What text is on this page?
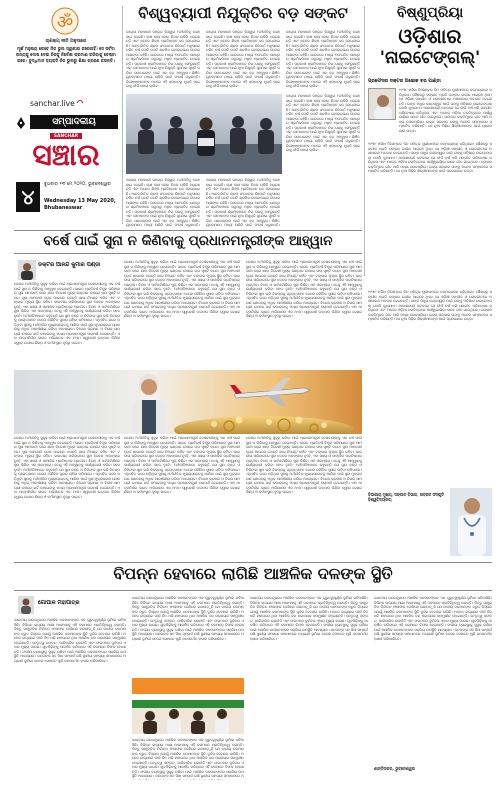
ॐ
ଚାଣକ୍ୟ ନୀତି ଅନୁସାରେ
ମୂର୍ଖ ମନୁଷ୍ୟ କେବେ ନିଜ ଭୁଲ ସ୍ୱୀକାର କରେନାହିଁ। ସେ ସର୍ବଦା ଅନ୍ୟକୁ ଦୋଷ ଦେଇ ନିଜକୁ ନିର୍ଦ୍ଦୋଷ ପ୍ରମାଣ କରିବାକୁ ଚେଷ୍ଟା କରେ। ବୁଦ୍ଧିମାନ ବ୍ୟକ୍ତି ନିଜ ଭୁଲରୁ ଶିକ୍ଷା ଗ୍ରହଣ କରନ୍ତି।
sanchar.live
ସମ୍ପାଦକୀୟ
SANCHAR
ସଞ୍ଚାର
୪
ବୁଧବାର ୧୩ ମେ ୨୦୨୦, ଭୁବନେଶ୍ୱର
Wednesday 13 May 2020, Bhubaneswar
ବିଶ୍ୱବ୍ୟାପୀ ନିଯୁକ୍ତିର ବଡ଼ ସଙ୍କଟ
କରୋନା ମହାମାରୀ ସମଗ୍ର ବିଶ୍ୱର ଅର୍ଥନୀତିକୁ ଦୋହଲାଇ ଦେଇଛି। ଲକ୍ଷ ଲକ୍ଷ ଲୋକ ନିଜର ଚାକିରି ହରାଇଛନ୍ତି ଏବଂ ଅନେକ ଶିଳ୍ପ ପ୍ରତିଷ୍ଠାନ ବନ୍ଦ ହୋଇଯାଇଛି। ଆନ୍ତର୍ଜାତିକ ଶ୍ରମ ସଂଗଠନର ରିପୋର୍ଟ ଅନୁସାରେ ଚଳିତ ବର୍ଷ କୋଟି କୋଟି ଶ୍ରମିକ ବେରୋଜଗାର ହେବାର ଆଶଙ୍କା ରହିଛି। ଭାରତରେ ମଧ୍ୟ ଅସଂଗଠିତ କ୍ଷେତ୍ରର ଶ୍ରମିକମାନେ ସବୁଠାରୁ ଅଧିକ ପ୍ରଭାବିତ ହୋଇଛନ୍ତି। ପ୍ରବାସୀ ଶ୍ରମିକମାନେ ନିଜ ଘରକୁ ଫେରୁଛନ୍ତି ଏବଂ ସେମାନଙ୍କ ପାଇଁ ନୂଆ ନିଯୁକ୍ତି ସୁଯୋଗ ସୃଷ୍ଟି କରିବା ସରକାରଙ୍କ ପାଇଁ ଏକ ବଡ଼ ଆହ୍ୱାନ। ଶିକ୍ଷିତ ଯୁବକମାନେ ମଧ୍ୟ ଚାକିରି ପାଇଁ ସଂଘର୍ଷ କରୁଛନ୍ତି। ବିଶେଷଜ୍ଞମାନଙ୍କ ମତରେ ଏହି ସଙ୍କଟରୁ ମୁକ୍ତି ପାଇବାକୁ ଦୀର୍ଘ ସମୟ ଲାଗିବ।
କରୋନା ମହାମାରୀ ସମଗ୍ର ବିଶ୍ୱର ଅର୍ଥନୀତିକୁ ଦୋହଲାଇ ଦେଇଛି। ଲକ୍ଷ ଲକ୍ଷ ଲୋକ ନିଜର ଚାକିରି ହରାଇଛନ୍ତି ଏବଂ ଅନେକ ଶିଳ୍ପ ପ୍ରତିଷ୍ଠାନ ବନ୍ଦ ହୋଇଯାଇଛି। ଆନ୍ତର୍ଜାତିକ ଶ୍ରମ ସଂଗଠନର ରିପୋର୍ଟ ଅନୁସାରେ ଚଳିତ ବର୍ଷ କୋଟି କୋଟି ଶ୍ରମିକ ବେରୋଜଗାର ହେବାର ଆଶଙ୍କା ରହିଛି। ଭାରତରେ ମଧ୍ୟ ଅସଂଗଠିତ କ୍ଷେତ୍ରର ଶ୍ରମିକମାନେ ସବୁଠାରୁ ଅଧିକ ପ୍ରଭାବିତ ହୋଇଛନ୍ତି। ପ୍ରବାସୀ ଶ୍ରମିକମାନେ ନିଜ ଘରକୁ ଫେରୁଛନ୍ତି ଏବଂ ସେମାନଙ୍କ ପାଇଁ ନୂଆ ନିଯୁକ୍ତି ସୁଯୋଗ ସୃଷ୍ଟି କରିବା ସରକାରଙ୍କ ପାଇଁ ଏକ ବଡ଼ ଆହ୍ୱାନ। ଶିକ୍ଷିତ ଯୁବକମାନେ ମଧ୍ୟ ଚାକିରି ପାଇଁ ସଂଘର୍ଷ କରୁଛନ୍ତି। ବିଶେଷଜ୍ଞମାନଙ୍କ ମତରେ ଏହି ସଙ୍କଟରୁ ମୁକ୍ତି ପାଇବାକୁ ଦୀର୍ଘ ସମୟ ଲାଗିବ।
କରୋନା ମହାମାରୀ ସମଗ୍ର ବିଶ୍ୱର ଅର୍ଥନୀତିକୁ ଦୋହଲାଇ ଦେଇଛି। ଲକ୍ଷ ଲକ୍ଷ ଲୋକ ନିଜର ଚାକିରି ହରାଇଛନ୍ତି ଏବଂ ଅନେକ ଶିଳ୍ପ ପ୍ରତିଷ୍ଠାନ ବନ୍ଦ ହୋଇଯାଇଛି। ଆନ୍ତର୍ଜାତିକ ଶ୍ରମ ସଂଗଠନର ରିପୋର୍ଟ ଅନୁସାରେ ଚଳିତ ବର୍ଷ କୋଟି କୋଟି ଶ୍ରମିକ ବେରୋଜଗାର ହେବାର ଆଶଙ୍କା ରହିଛି। ଭାରତରେ ମଧ୍ୟ ଅସଂଗଠିତ କ୍ଷେତ୍ରର ଶ୍ରମିକମାନେ ସବୁଠାରୁ ଅଧିକ ପ୍ରଭାବିତ ହୋଇଛନ୍ତି। ପ୍ରବାସୀ ଶ୍ରମିକମାନେ ନିଜ ଘରକୁ ଫେରୁଛନ୍ତି ଏବଂ ସେମାନଙ୍କ ପାଇଁ ନୂଆ ନିଯୁକ୍ତି ସୁଯୋଗ ସୃଷ୍ଟି କରିବା ସରକାରଙ୍କ ପାଇଁ ଏକ ବଡ଼ ଆହ୍ୱାନ। ଶିକ୍ଷିତ ଯୁବକମାନେ ମଧ୍ୟ ଚାକିରି ପାଇଁ ସଂଘର୍ଷ କରୁଛନ୍ତି। ବିଶେଷଜ୍ଞମାନଙ୍କ ମତରେ ଏହି ସଙ୍କଟରୁ ମୁକ୍ତି ପାଇବାକୁ ଦୀର୍ଘ ସମୟ ଲାଗିବ।
କରୋନା ମହାମାରୀ ସମଗ୍ର ବିଶ୍ୱର ଅର୍ଥନୀତିକୁ ଦୋହଲାଇ ଦେଇଛି। ଲକ୍ଷ ଲକ୍ଷ ଲୋକ ନିଜର ଚାକିରି ହରାଇଛନ୍ତି ଏବଂ ଅନେକ ଶିଳ୍ପ ପ୍ରତିଷ୍ଠାନ ବନ୍ଦ ହୋଇଯାଇଛି। ଆନ୍ତର୍ଜାତିକ ଶ୍ରମ ସଂଗଠନର ରିପୋର୍ଟ ଅନୁସାରେ ଚଳିତ ବର୍ଷ କୋଟି କୋଟି ଶ୍ରମିକ ବେରୋଜଗାର ହେବାର ଆଶଙ୍କା ରହିଛି। ଭାରତରେ ମଧ୍ୟ ଅସଂଗଠିତ କ୍ଷେତ୍ରର ଶ୍ରମିକମାନେ ସବୁଠାରୁ ଅଧିକ ପ୍ରଭାବିତ ହୋଇଛନ୍ତି। ପ୍ରବାସୀ ଶ୍ରମିକମାନେ ନିଜ ଘରକୁ ଫେରୁଛନ୍ତି ଏବଂ ସେମାନଙ୍କ ପାଇଁ ନୂଆ ନିଯୁକ୍ତି ସୁଯୋଗ ସୃଷ୍ଟି କରିବା ସରକାରଙ୍କ ପାଇଁ ଏକ ବଡ଼ ଆହ୍ୱାନ। ଶିକ୍ଷିତ ଯୁବକମାନେ ମଧ୍ୟ ଚାକିରି ପାଇଁ ସଂଘର୍ଷ କରୁଛନ୍ତି। ବିଶେଷଜ୍ଞମାନଙ୍କ ମତରେ ଏହି ସଙ୍କଟରୁ ମୁକ୍ତି ପାଇବାକୁ ଦୀର୍ଘ ସମୟ ଲାଗିବ।
କରୋନା ମହାମାରୀ ସମଗ୍ର ବିଶ୍ୱର ଅର୍ଥନୀତିକୁ ଦୋହଲାଇ ଦେଇଛି। ଲକ୍ଷ ଲକ୍ଷ ଲୋକ ନିଜର ଚାକିରି ହରାଇଛନ୍ତି ଏବଂ ଅନେକ ଶିଳ୍ପ ପ୍ରତିଷ୍ଠାନ ବନ୍ଦ ହୋଇଯାଇଛି। ଆନ୍ତର୍ଜାତିକ ଶ୍ରମ ସଂଗଠନର ରିପୋର୍ଟ ଅନୁସାରେ ଚଳିତ ବର୍ଷ କୋଟି କୋଟି ଶ୍ରମିକ ବେରୋଜଗାର ହେବାର ଆଶଙ୍କା ରହିଛି। ଭାରତରେ ମଧ୍ୟ ଅସଂଗଠିତ କ୍ଷେତ୍ରର ଶ୍ରମିକମାନେ ସବୁଠାରୁ ଅଧିକ ପ୍ରଭାବିତ ହୋଇଛନ୍ତି। ପ୍ରବାସୀ ଶ୍ରମିକମାନେ ନିଜ ଘରକୁ ଫେରୁଛନ୍ତି ଏବଂ ସେମାନଙ୍କ ପାଇଁ ନୂଆ ନିଯୁକ୍ତି ସୁଯୋଗ ସୃଷ୍ଟି କରିବା ସରକାରଙ୍କ ପାଇଁ ଏକ ବଡ଼ ଆହ୍ୱାନ। ଶିକ୍ଷିତ ଯୁବକମାନେ ମଧ୍ୟ ଚାକିରି ପାଇଁ ସଂଘର୍ଷ କରୁଛନ୍ତି।
କରୋନା ମହାମାରୀ ସମଗ୍ର ବିଶ୍ୱର ଅର୍ଥନୀତିକୁ ଦୋହଲାଇ ଦେଇଛି। ଲକ୍ଷ ଲକ୍ଷ ଲୋକ ନିଜର ଚାକିରି ହରାଇଛନ୍ତି ଏବଂ ଅନେକ ଶିଳ୍ପ ପ୍ରତିଷ୍ଠାନ ବନ୍ଦ ହୋଇଯାଇଛି। ଆନ୍ତର୍ଜାତିକ ଶ୍ରମ ସଂଗଠନର ରିପୋର୍ଟ ଅନୁସାରେ ଚଳିତ ବର୍ଷ କୋଟି କୋଟି ଶ୍ରମିକ ବେରୋଜଗାର ହେବାର ଆଶଙ୍କା ରହିଛି। ଭାରତରେ ମଧ୍ୟ ଅସଂଗଠିତ କ୍ଷେତ୍ରର ଶ୍ରମିକମାନେ ସବୁଠାରୁ ଅଧିକ ପ୍ରଭାବିତ ହୋଇଛନ୍ତି। ପ୍ରବାସୀ ଶ୍ରମିକମାନେ ନିଜ ଘରକୁ ଫେରୁଛନ୍ତି ଏବଂ ସେମାନଙ୍କ ପାଇଁ ନୂଆ ନିଯୁକ୍ତି ସୁଯୋଗ ସୃଷ୍ଟି କରିବା ସରକାରଙ୍କ ପାଇଁ ଏକ ବଡ଼ ଆହ୍ୱାନ। ଶିକ୍ଷିତ ଯୁବକମାନେ ମଧ୍ୟ ଚାକିରି ପାଇଁ ସଂଘର୍ଷ କରୁଛନ୍ତି।
ବିଷ୍ଣୁପ୍ରିୟା
ଓଡ଼ିଶାର
'ନାଇଟେଙ୍ଗଲ୍'
ପ୍ରଫେସର ଡକ୍ଟର ଅଶୋକ ବର ପାଣ୍ଡା
୧୯୩୯ ମସିହା ଡିସେମ୍ବର ଦିନ ପବିତ୍ର ପୁରୀଧାମରେ ଜନ୍ମଗ୍ରହଣ କରିଥିଲେ। ଶୈଶବରୁ ସଙ୍ଗୀତ ପ୍ରତି ତାଙ୍କର ଗଭୀର ଆଗ୍ରହ ଥିଲା। ସେ ଓଡ଼ିଶୀ ସଙ୍ଗୀତ ଓ ଲୋକଗୀତରେ ଅସାଧାରଣ ଅବଦାନ ଦେଇଛନ୍ତି। ତାଙ୍କ ମଧୁର କଣ୍ଠସ୍ୱର ପାଇଁ ତାଙ୍କୁ ଓଡ଼ିଶାର ନାଇଟେଙ୍ଗଲ୍ ବୋଲି କୁହାଯାଏ। ଆକାଶବାଣୀ କଟକରେ ସେ ଦୀର୍ଘ ବର୍ଷ ଧରି ସଙ୍ଗୀତ ପରିବେଷଣ କରିଥିଲେ ଏବଂ ଅନେକ ଓଡ଼ିଆ ଚଳଚ୍ଚିତ୍ରରେ ପାର୍ଶ୍ୱଗାୟିକା ଭାବେ ଗୀତ ଗାଇଥିଲେ। ତାଙ୍କର ଭକ୍ତିମୂଳକ ଗୀତ ଆଜି ମଧ୍ୟ ଲୋକପ୍ରିୟ। ରାଜ୍ୟ ସରକାର ତାଙ୍କୁ ଅନେକ ସମ୍ମାନରେ ସମ୍ମାନିତ କରିଛନ୍ତି। ସେ ନୂଆ ପିଢ଼ିର ଶିଳ୍ପୀମାନଙ୍କ ପାଇଁ ପ୍ରେରଣାର ଉତ୍ସ।
୧୯୩୯ ମସିହା ଡିସେମ୍ବର ଦିନ ପବିତ୍ର ପୁରୀଧାମରେ ଜନ୍ମଗ୍ରହଣ କରିଥିଲେ। ଶୈଶବରୁ ସଙ୍ଗୀତ ପ୍ରତି ତାଙ୍କର ଗଭୀର ଆଗ୍ରହ ଥିଲା। ସେ ଓଡ଼ିଶୀ ସଙ୍ଗୀତ ଓ ଲୋକଗୀତରେ ଅସାଧାରଣ ଅବଦାନ ଦେଇଛନ୍ତି। ତାଙ୍କ ମଧୁର କଣ୍ଠସ୍ୱର ପାଇଁ ତାଙ୍କୁ ଓଡ଼ିଶାର ନାଇଟେଙ୍ଗଲ୍ ବୋଲି କୁହାଯାଏ। ଆକାଶବାଣୀ କଟକରେ ସେ ଦୀର୍ଘ ବର୍ଷ ଧରି ସଙ୍ଗୀତ ପରିବେଷଣ କରିଥିଲେ ଏବଂ ଅନେକ ଓଡ଼ିଆ ଚଳଚ୍ଚିତ୍ରରେ ପାର୍ଶ୍ୱଗାୟିକା ଭାବେ ଗୀତ ଗାଇଥିଲେ। ତାଙ୍କର ଭକ୍ତିମୂଳକ ଗୀତ ଆଜି ମଧ୍ୟ ଲୋକପ୍ରିୟ। ରାଜ୍ୟ ସରକାର ତାଙ୍କୁ ଅନେକ ସମ୍ମାନରେ ସମ୍ମାନିତ କରିଛନ୍ତି। ସେ ନୂଆ ପିଢ଼ିର ଶିଳ୍ପୀମାନଙ୍କ ପାଇଁ ପ୍ରେରଣାର ଉତ୍ସ।
ବର୍ଷେ ପାଇଁ ସୁନା ନ କିଣିବାକୁ ପ୍ରଧାନମନ୍ତ୍ରୀଙ୍କ ଆହ୍ୱାନ
ଡକ୍ଟର ଆନନ୍ଦ କୁମାର ପଣ୍ଡା
ଦେଶର ଅର୍ଥନୀତିକୁ ସୁଦୃଢ଼ କରିବା ପାଇଁ ପ୍ରଧାନମନ୍ତ୍ରୀ ଦେଶବାସୀଙ୍କୁ ଏକ ବର୍ଷ ପାଇଁ ସୁନା ନ କିଣିବାକୁ ଆହ୍ୱାନ ଦେଇଛନ୍ତି। ଭାରତ ପ୍ରତିବର୍ଷ ବିପୁଳ ପରିମାଣର ସୁନା ଆମଦାନୀ କରେ ଯାହା ବିଦେଶୀ ମୁଦ୍ରା ଭଣ୍ଡାର ଉପରେ ଚାପ ସୃଷ୍ଟି କରେ। ସୁନା ଆମଦାନୀ ହ୍ରାସ ପାଇଲେ ଚଳନ୍ତି ଖାତା ନିଅଣ୍ଟ କମିବ ଏବଂ ଟଙ୍କାର ମୂଲ୍ୟ ସ୍ଥିର ରହିବ। ଭାରତୀୟ ପରିବାରରେ ସୁନା କେବଳ ଅଳଙ୍କାର ନୁହେଁ, ଏହା ସଞ୍ଚୟ ଓ ସାମାଜିକ ପ୍ରତିଷ୍ଠାର ପ୍ରତୀକ। ବିବାହ ଓ ପର୍ବପର୍ବାଣିରେ ସୁନା କିଣିବା ଏକ ପରମ୍ପରା। ତେଣୁ ଏହି ଆହ୍ୱାନକୁ କାର୍ଯ୍ୟକାରୀ କରିବା ସହଜ ନୁହେଁ। ଅର୍ଥନୀତିଜ୍ଞମାନେ କହୁଛନ୍ତି ଯେ ସୁନା ବଣ୍ଡ ଓ ଡିଜିଟାଲ ସୁନା ଭଳି ବିକଳ୍ପକୁ ପ୍ରୋତ୍ସାହନ ଦେଲେ ଭୌତିକ ସୁନାର ଚାହିଦା କମିପାରେ। ଏଥିସହିତ ଘରେ ପଡ଼ିଥିବା ସୁନାକୁ ଅର୍ଥନୀତିର ମୁଖ୍ୟସ୍ରୋତକୁ ଆଣିବା ପାଇଁ ସୁନା ମୁଦ୍ରାକରଣ ଯୋଜନାକୁ ଅଧିକ ଆକର୍ଷଣୀୟ କରିବା ଆବଶ୍ୟକ। ବିଦେଶ ଭ୍ରମଣ ଓ ବିଳାସ ସାମଗ୍ରୀ ଉପରେ ଖର୍ଚ୍ଚ କମାଇବାକୁ ମଧ୍ୟ ପ୍ରଧାନମନ୍ତ୍ରୀ ପରାମର୍ଶ ଦେଇଛନ୍ତି। ଏହା ଆତ୍ମନିର୍ଭର ଭାରତ ଅଭିଯାନର ଏକ ଅଂଶ। ସ୍ୱଦେଶୀ ଉତ୍ପାଦ କିଣିବା ଦ୍ୱାରା ଦେଶର ଶିଳ୍ପ ଓ କର୍ମସଂସ୍ଥାନ ବୃଦ୍ଧି ପାଇବ।
ଦେଶର ଅର୍ଥନୀତିକୁ ସୁଦୃଢ଼ କରିବା ପାଇଁ ପ୍ରଧାନମନ୍ତ୍ରୀ ଦେଶବାସୀଙ୍କୁ ଏକ ବର୍ଷ ପାଇଁ ସୁନା ନ କିଣିବାକୁ ଆହ୍ୱାନ ଦେଇଛନ୍ତି। ଭାରତ ପ୍ରତିବର୍ଷ ବିପୁଳ ପରିମାଣର ସୁନା ଆମଦାନୀ କରେ ଯାହା ବିଦେଶୀ ମୁଦ୍ରା ଭଣ୍ଡାର ଉପରେ ଚାପ ସୃଷ୍ଟି କରେ। ସୁନା ଆମଦାନୀ ହ୍ରାସ ପାଇଲେ ଚଳନ୍ତି ଖାତା ନିଅଣ୍ଟ କମିବ ଏବଂ ଟଙ୍କାର ମୂଲ୍ୟ ସ୍ଥିର ରହିବ। ଭାରତୀୟ ପରିବାରରେ ସୁନା କେବଳ ଅଳଙ୍କାର ନୁହେଁ, ଏହା ସଞ୍ଚୟ ଓ ସାମାଜିକ ପ୍ରତିଷ୍ଠାର ପ୍ରତୀକ। ବିବାହ ଓ ପର୍ବପର୍ବାଣିରେ ସୁନା କିଣିବା ଏକ ପରମ୍ପରା। ତେଣୁ ଏହି ଆହ୍ୱାନକୁ କାର୍ଯ୍ୟକାରୀ କରିବା ସହଜ ନୁହେଁ। ଅର୍ଥନୀତିଜ୍ଞମାନେ କହୁଛନ୍ତି ଯେ ସୁନା ବଣ୍ଡ ଓ ଡିଜିଟାଲ ସୁନା ଭଳି ବିକଳ୍ପକୁ ପ୍ରୋତ୍ସାହନ ଦେଲେ ଭୌତିକ ସୁନାର ଚାହିଦା କମିପାରେ। ଏଥିସହିତ ଘରେ ପଡ଼ିଥିବା ସୁନାକୁ ଅର୍ଥନୀତିର ମୁଖ୍ୟସ୍ରୋତକୁ ଆଣିବା ପାଇଁ ସୁନା ମୁଦ୍ରାକରଣ ଯୋଜନାକୁ ଅଧିକ ଆକର୍ଷଣୀୟ କରିବା ଆବଶ୍ୟକ। ବିଦେଶ ଭ୍ରମଣ ଓ ବିଳାସ ସାମଗ୍ରୀ ଉପରେ ଖର୍ଚ୍ଚ କମାଇବାକୁ ମଧ୍ୟ ପ୍ରଧାନମନ୍ତ୍ରୀ ପରାମର୍ଶ ଦେଇଛନ୍ତି। ଏହା ଆତ୍ମନିର୍ଭର ଭାରତ ଅଭିଯାନର ଏକ ଅଂଶ। ସ୍ୱଦେଶୀ ଉତ୍ପାଦ କିଣିବା ଦ୍ୱାରା ଦେଶର ଶିଳ୍ପ ଓ କର୍ମସଂସ୍ଥାନ ବୃଦ୍ଧି ପାଇବ।
ଦେଶର ଅର୍ଥନୀତିକୁ ସୁଦୃଢ଼ କରିବା ପାଇଁ ପ୍ରଧାନମନ୍ତ୍ରୀ ଦେଶବାସୀଙ୍କୁ ଏକ ବର୍ଷ ପାଇଁ ସୁନା ନ କିଣିବାକୁ ଆହ୍ୱାନ ଦେଇଛନ୍ତି। ଭାରତ ପ୍ରତିବର୍ଷ ବିପୁଳ ପରିମାଣର ସୁନା ଆମଦାନୀ କରେ ଯାହା ବିଦେଶୀ ମୁଦ୍ରା ଭଣ୍ଡାର ଉପରେ ଚାପ ସୃଷ୍ଟି କରେ। ସୁନା ଆମଦାନୀ ହ୍ରାସ ପାଇଲେ ଚଳନ୍ତି ଖାତା ନିଅଣ୍ଟ କମିବ ଏବଂ ଟଙ୍କାର ମୂଲ୍ୟ ସ୍ଥିର ରହିବ। ଭାରତୀୟ ପରିବାରରେ ସୁନା କେବଳ ଅଳଙ୍କାର ନୁହେଁ, ଏହା ସଞ୍ଚୟ ଓ ସାମାଜିକ ପ୍ରତିଷ୍ଠାର ପ୍ରତୀକ। ବିବାହ ଓ ପର୍ବପର୍ବାଣିରେ ସୁନା କିଣିବା ଏକ ପରମ୍ପରା। ତେଣୁ ଏହି ଆହ୍ୱାନକୁ କାର୍ଯ୍ୟକାରୀ କରିବା ସହଜ ନୁହେଁ। ଅର୍ଥନୀତିଜ୍ଞମାନେ କହୁଛନ୍ତି ଯେ ସୁନା ବଣ୍ଡ ଓ ଡିଜିଟାଲ ସୁନା ଭଳି ବିକଳ୍ପକୁ ପ୍ରୋତ୍ସାହନ ଦେଲେ ଭୌତିକ ସୁନାର ଚାହିଦା କମିପାରେ। ଏଥିସହିତ ଘରେ ପଡ଼ିଥିବା ସୁନାକୁ ଅର୍ଥନୀତିର ମୁଖ୍ୟସ୍ରୋତକୁ ଆଣିବା ପାଇଁ ସୁନା ମୁଦ୍ରାକରଣ ଯୋଜନାକୁ ଅଧିକ ଆକର୍ଷଣୀୟ କରିବା ଆବଶ୍ୟକ। ବିଦେଶ ଭ୍ରମଣ ଓ ବିଳାସ ସାମଗ୍ରୀ ଉପରେ ଖର୍ଚ୍ଚ କମାଇବାକୁ ମଧ୍ୟ ପ୍ରଧାନମନ୍ତ୍ରୀ ପରାମର୍ଶ ଦେଇଛନ୍ତି। ଏହା ଆତ୍ମନିର୍ଭର ଭାରତ ଅଭିଯାନର ଏକ ଅଂଶ। ସ୍ୱଦେଶୀ ଉତ୍ପାଦ କିଣିବା ଦ୍ୱାରା ଦେଶର ଶିଳ୍ପ ଓ କର୍ମସଂସ୍ଥାନ ବୃଦ୍ଧି ପାଇବ।
ଦେଶର ଅର୍ଥନୀତିକୁ ସୁଦୃଢ଼ କରିବା ପାଇଁ ପ୍ରଧାନମନ୍ତ୍ରୀ ଦେଶବାସୀଙ୍କୁ ଏକ ବର୍ଷ ପାଇଁ ସୁନା ନ କିଣିବାକୁ ଆହ୍ୱାନ ଦେଇଛନ୍ତି। ଭାରତ ପ୍ରତିବର୍ଷ ବିପୁଳ ପରିମାଣର ସୁନା ଆମଦାନୀ କରେ ଯାହା ବିଦେଶୀ ମୁଦ୍ରା ଭଣ୍ଡାର ଉପରେ ଚାପ ସୃଷ୍ଟି କରେ। ସୁନା ଆମଦାନୀ ହ୍ରାସ ପାଇଲେ ଚଳନ୍ତି ଖାତା ନିଅଣ୍ଟ କମିବ ଏବଂ ଟଙ୍କାର ମୂଲ୍ୟ ସ୍ଥିର ରହିବ। ଭାରତୀୟ ପରିବାରରେ ସୁନା କେବଳ ଅଳଙ୍କାର ନୁହେଁ, ଏହା ସଞ୍ଚୟ ଓ ସାମାଜିକ ପ୍ରତିଷ୍ଠାର ପ୍ରତୀକ। ବିବାହ ଓ ପର୍ବପର୍ବାଣିରେ ସୁନା କିଣିବା ଏକ ପରମ୍ପରା। ତେଣୁ ଏହି ଆହ୍ୱାନକୁ କାର୍ଯ୍ୟକାରୀ କରିବା ସହଜ ନୁହେଁ। ଅର୍ଥନୀତିଜ୍ଞମାନେ କହୁଛନ୍ତି ଯେ ସୁନା ବଣ୍ଡ ଓ ଡିଜିଟାଲ ସୁନା ଭଳି ବିକଳ୍ପକୁ ପ୍ରୋତ୍ସାହନ ଦେଲେ ଭୌତିକ ସୁନାର ଚାହିଦା କମିପାରେ। ଏଥିସହିତ ଘରେ ପଡ଼ିଥିବା ସୁନାକୁ ଅର୍ଥନୀତିର ମୁଖ୍ୟସ୍ରୋତକୁ ଆଣିବା ପାଇଁ ସୁନା ମୁଦ୍ରାକରଣ ଯୋଜନାକୁ ଅଧିକ ଆକର୍ଷଣୀୟ କରିବା ଆବଶ୍ୟକ। ବିଦେଶ ଭ୍ରମଣ ଓ ବିଳାସ ସାମଗ୍ରୀ ଉପରେ ଖର୍ଚ୍ଚ କମାଇବାକୁ ମଧ୍ୟ ପ୍ରଧାନମନ୍ତ୍ରୀ ପରାମର୍ଶ ଦେଇଛନ୍ତି। ଏହା ଆତ୍ମନିର୍ଭର ଭାରତ ଅଭିଯାନର ଏକ ଅଂଶ। ସ୍ୱଦେଶୀ ଉତ୍ପାଦ କିଣିବା ଦ୍ୱାରା ଦେଶର ଶିଳ୍ପ ଓ କର୍ମସଂସ୍ଥାନ ବୃଦ୍ଧି ପାଇବ।
ଦେଶର ଅର୍ଥନୀତିକୁ ସୁଦୃଢ଼ କରିବା ପାଇଁ ପ୍ରଧାନମନ୍ତ୍ରୀ ଦେଶବାସୀଙ୍କୁ ଏକ ବର୍ଷ ପାଇଁ ସୁନା ନ କିଣିବାକୁ ଆହ୍ୱାନ ଦେଇଛନ୍ତି। ଭାରତ ପ୍ରତିବର୍ଷ ବିପୁଳ ପରିମାଣର ସୁନା ଆମଦାନୀ କରେ ଯାହା ବିଦେଶୀ ମୁଦ୍ରା ଭଣ୍ଡାର ଉପରେ ଚାପ ସୃଷ୍ଟି କରେ। ସୁନା ଆମଦାନୀ ହ୍ରାସ ପାଇଲେ ଚଳନ୍ତି ଖାତା ନିଅଣ୍ଟ କମିବ ଏବଂ ଟଙ୍କାର ମୂଲ୍ୟ ସ୍ଥିର ରହିବ। ଭାରତୀୟ ପରିବାରରେ ସୁନା କେବଳ ଅଳଙ୍କାର ନୁହେଁ, ଏହା ସଞ୍ଚୟ ଓ ସାମାଜିକ ପ୍ରତିଷ୍ଠାର ପ୍ରତୀକ। ବିବାହ ଓ ପର୍ବପର୍ବାଣିରେ ସୁନା କିଣିବା ଏକ ପରମ୍ପରା। ତେଣୁ ଏହି ଆହ୍ୱାନକୁ କାର୍ଯ୍ୟକାରୀ କରିବା ସହଜ ନୁହେଁ। ଅର୍ଥନୀତିଜ୍ଞମାନେ କହୁଛନ୍ତି ଯେ ସୁନା ବଣ୍ଡ ଓ ଡିଜିଟାଲ ସୁନା ଭଳି ବିକଳ୍ପକୁ ପ୍ରୋତ୍ସାହନ ଦେଲେ ଭୌତିକ ସୁନାର ଚାହିଦା କମିପାରେ। ଏଥିସହିତ ଘରେ ପଡ଼ିଥିବା ସୁନାକୁ ଅର୍ଥନୀତିର ମୁଖ୍ୟସ୍ରୋତକୁ ଆଣିବା ପାଇଁ ସୁନା ମୁଦ୍ରାକରଣ ଯୋଜନାକୁ ଅଧିକ ଆକର୍ଷଣୀୟ କରିବା ଆବଶ୍ୟକ। ବିଦେଶ ଭ୍ରମଣ ଓ ବିଳାସ ସାମଗ୍ରୀ ଉପରେ ଖର୍ଚ୍ଚ କମାଇବାକୁ ମଧ୍ୟ ପ୍ରଧାନମନ୍ତ୍ରୀ ପରାମର୍ଶ ଦେଇଛନ୍ତି। ଏହା ଆତ୍ମନିର୍ଭର ଭାରତ ଅଭିଯାନର ଏକ ଅଂଶ। ସ୍ୱଦେଶୀ ଉତ୍ପାଦ କିଣିବା ଦ୍ୱାରା ଦେଶର ଶିଳ୍ପ ଓ କର୍ମସଂସ୍ଥାନ ବୃଦ୍ଧି ପାଇବ।
ଦେଶର ଅର୍ଥନୀତିକୁ ସୁଦୃଢ଼ କରିବା ପାଇଁ ପ୍ରଧାନମନ୍ତ୍ରୀ ଦେଶବାସୀଙ୍କୁ ଏକ ବର୍ଷ ପାଇଁ ସୁନା ନ କିଣିବାକୁ ଆହ୍ୱାନ ଦେଇଛନ୍ତି। ଭାରତ ପ୍ରତିବର୍ଷ ବିପୁଳ ପରିମାଣର ସୁନା ଆମଦାନୀ କରେ ଯାହା ବିଦେଶୀ ମୁଦ୍ରା ଭଣ୍ଡାର ଉପରେ ଚାପ ସୃଷ୍ଟି କରେ। ସୁନା ଆମଦାନୀ ହ୍ରାସ ପାଇଲେ ଚଳନ୍ତି ଖାତା ନିଅଣ୍ଟ କମିବ ଏବଂ ଟଙ୍କାର ମୂଲ୍ୟ ସ୍ଥିର ରହିବ। ଭାରତୀୟ ପରିବାରରେ ସୁନା କେବଳ ଅଳଙ୍କାର ନୁହେଁ, ଏହା ସଞ୍ଚୟ ଓ ସାମାଜିକ ପ୍ରତିଷ୍ଠାର ପ୍ରତୀକ। ବିବାହ ଓ ପର୍ବପର୍ବାଣିରେ ସୁନା କିଣିବା ଏକ ପରମ୍ପରା। ତେଣୁ ଏହି ଆହ୍ୱାନକୁ କାର୍ଯ୍ୟକାରୀ କରିବା ସହଜ ନୁହେଁ। ଅର୍ଥନୀତିଜ୍ଞମାନେ କହୁଛନ୍ତି ଯେ ସୁନା ବଣ୍ଡ ଓ ଡିଜିଟାଲ ସୁନା ଭଳି ବିକଳ୍ପକୁ ପ୍ରୋତ୍ସାହନ ଦେଲେ ଭୌତିକ ସୁନାର ଚାହିଦା କମିପାରେ। ଏଥିସହିତ ଘରେ ପଡ଼ିଥିବା ସୁନାକୁ ଅର୍ଥନୀତିର ମୁଖ୍ୟସ୍ରୋତକୁ ଆଣିବା ପାଇଁ ସୁନା ମୁଦ୍ରାକରଣ ଯୋଜନାକୁ ଅଧିକ ଆକର୍ଷଣୀୟ କରିବା ଆବଶ୍ୟକ। ବିଦେଶ ଭ୍ରମଣ ଓ ବିଳାସ ସାମଗ୍ରୀ ଉପରେ ଖର୍ଚ୍ଚ କମାଇବାକୁ ମଧ୍ୟ ପ୍ରଧାନମନ୍ତ୍ରୀ ପରାମର୍ଶ ଦେଇଛନ୍ତି। ଏହା ଆତ୍ମନିର୍ଭର ଭାରତ ଅଭିଯାନର ଏକ ଅଂଶ। ସ୍ୱଦେଶୀ ଉତ୍ପାଦ କିଣିବା ଦ୍ୱାରା ଦେଶର ଶିଳ୍ପ ଓ କର୍ମସଂସ୍ଥାନ ବୃଦ୍ଧି ପାଇବ।
୧୯୩୯ ମସିହା ଡିସେମ୍ବର ଦିନ ପବିତ୍ର ପୁରୀଧାମରେ ଜନ୍ମଗ୍ରହଣ କରିଥିଲେ। ଶୈଶବରୁ ସଙ୍ଗୀତ ପ୍ରତି ତାଙ୍କର ଗଭୀର ଆଗ୍ରହ ଥିଲା। ସେ ଓଡ଼ିଶୀ ସଙ୍ଗୀତ ଓ ଲୋକଗୀତରେ ଅସାଧାରଣ ଅବଦାନ ଦେଇଛନ୍ତି। ତାଙ୍କ ମଧୁର କଣ୍ଠସ୍ୱର ପାଇଁ ତାଙ୍କୁ ଓଡ଼ିଶାର ନାଇଟେଙ୍ଗଲ୍ ବୋଲି କୁହାଯାଏ। ଆକାଶବାଣୀ କଟକରେ ସେ ଦୀର୍ଘ ବର୍ଷ ଧରି ସଙ୍ଗୀତ ପରିବେଷଣ କରିଥିଲେ ଏବଂ ଅନେକ ଓଡ଼ିଆ ଚଳଚ୍ଚିତ୍ରରେ ପାର୍ଶ୍ୱଗାୟିକା ଭାବେ ଗୀତ ଗାଇଥିଲେ। ତାଙ୍କର ଭକ୍ତିମୂଳକ ଗୀତ ଆଜି ମଧ୍ୟ ଲୋକପ୍ରିୟ। ରାଜ୍ୟ ସରକାର ତାଙ୍କୁ ଅନେକ ସମ୍ମାନରେ ସମ୍ମାନିତ କରିଛନ୍ତି। ସେ ନୂଆ ପିଢ଼ିର ଶିଳ୍ପୀମାନଙ୍କ ପାଇଁ ପ୍ରେରଣାର ଉତ୍ସ।
ବିଭାଗୀୟ ମୁଖ୍ୟ, ସଙ୍ଗୀତ ବିଭାଗ, ଉତ୍କଳ ସଂସ୍କୃତି ବିଶ୍ୱବିଦ୍ୟାଳୟ
ବିପନ୍ନ ହେବାରେ ଲାଗିଛି ଆଞ୍ଚଳିକ ଦଳଙ୍କ ସ୍ଥିତି
ଗୋପାଳ ମହାପାତ୍ର
ଭାରତୀୟ ଗଣତନ୍ତ୍ରରେ ଆଞ୍ଚଳିକ ଦଳମାନଙ୍କର ଏକ ଗୁରୁତ୍ୱପୂର୍ଣ୍ଣ ଭୂମିକା ରହିଆସିଛି। ବିଭିନ୍ନ ରାଜ୍ୟର ଆଶା ଆକାଂକ୍ଷାକୁ ଏହି ଦଳମାନେ ପ୍ରତିନିଧିତ୍ୱ କରନ୍ତି। କିନ୍ତୁ ସାମ୍ପ୍ରତିକ ନିର୍ବାଚନ ଫଳାଫଳ ଦେଖିଲେ ଜଣାପଡ଼ୁଛି ଯେ ଜାତୀୟ ଦଳମାନଙ୍କ ଦ୍ରୁତ ବିସ୍ତାର ଯୋଗୁଁ ଆଞ୍ଚଳିକ ଦଳମାନଙ୍କ ସ୍ଥିତି ଦୁର୍ବଳ ହେବାରେ ଲାଗିଛି। ଅନେକ ରାଜ୍ୟରେ ଦୀର୍ଘ ଦିନ ଧରି କ୍ଷମତାରେ ଥିବା ଆଞ୍ଚଳିକ ଦଳ ପରାଜୟର ସମ୍ମୁଖୀନ ହୋଇଛନ୍ତି। ନେତୃତ୍ୱ ସଙ୍କଟ, ପାରିବାରିକ ରାଜନୀତି ଏବଂ ସଂଗଠନର ଦୁର୍ବଳତା ଏହାର ମୁଖ୍ୟ କାରଣ। ଯୁବପିଢ଼ିଙ୍କୁ ଆକର୍ଷିତ କରିବାରେ ଏହି ଦଳମାନେ ବିଫଳ ହେଉଛନ୍ତି। ସଂଘୀୟ ବ୍ୟବସ୍ଥାକୁ ସୁଦୃଢ଼ ରଖିବା ପାଇଁ ଆଞ୍ଚଳିକ ଦଳମାନଙ୍କର ସକ୍ରିୟ ଉପସ୍ଥିତି ଆବଶ୍ୟକ। ଜନତାଙ୍କ ସହ ସିଧା ସମ୍ପର୍କ ରଖି ସ୍ଥାନୀୟ ସମସ୍ୟା ସମାଧାନରେ ଅଗ୍ରଣୀ ଭୂମିକା ନେଲେ ସେମାନେ ପୁଣି ଜନସମର୍ଥନ ହାସଲ କରିପାରିବେ।
ଭାରତୀୟ ଗଣତନ୍ତ୍ରରେ ଆଞ୍ଚଳିକ ଦଳମାନଙ୍କର ଏକ ଗୁରୁତ୍ୱପୂର୍ଣ୍ଣ ଭୂମିକା ରହିଆସିଛି। ବିଭିନ୍ନ ରାଜ୍ୟର ଆଶା ଆକାଂକ୍ଷାକୁ ଏହି ଦଳମାନେ ପ୍ରତିନିଧିତ୍ୱ କରନ୍ତି। କିନ୍ତୁ ସାମ୍ପ୍ରତିକ ନିର୍ବାଚନ ଫଳାଫଳ ଦେଖିଲେ ଜଣାପଡ଼ୁଛି ଯେ ଜାତୀୟ ଦଳମାନଙ୍କ ଦ୍ରୁତ ବିସ୍ତାର ଯୋଗୁଁ ଆଞ୍ଚଳିକ ଦଳମାନଙ୍କ ସ୍ଥିତି ଦୁର୍ବଳ ହେବାରେ ଲାଗିଛି। ଅନେକ ରାଜ୍ୟରେ ଦୀର୍ଘ ଦିନ ଧରି କ୍ଷମତାରେ ଥିବା ଆଞ୍ଚଳିକ ଦଳ ପରାଜୟର ସମ୍ମୁଖୀନ ହୋଇଛନ୍ତି। ନେତୃତ୍ୱ ସଙ୍କଟ, ପାରିବାରିକ ରାଜନୀତି ଏବଂ ସଂଗଠନର ଦୁର୍ବଳତା ଏହାର ମୁଖ୍ୟ କାରଣ। ଯୁବପିଢ଼ିଙ୍କୁ ଆକର୍ଷିତ କରିବାରେ ଏହି ଦଳମାନେ ବିଫଳ ହେଉଛନ୍ତି। ସଂଘୀୟ ବ୍ୟବସ୍ଥାକୁ ସୁଦୃଢ଼ ରଖିବା ପାଇଁ ଆଞ୍ଚଳିକ ଦଳମାନଙ୍କର ସକ୍ରିୟ ଉପସ୍ଥିତି ଆବଶ୍ୟକ। ଜନତାଙ୍କ ସହ ସିଧା ସମ୍ପର୍କ ରଖି ସ୍ଥାନୀୟ ସମସ୍ୟା ସମାଧାନରେ ଅଗ୍ରଣୀ ଭୂମିକା ନେଲେ ସେମାନେ ପୁଣି ଜନସମର୍ଥନ ହାସଲ କରିପାରିବେ।
ଭାରତୀୟ ଗଣତନ୍ତ୍ରରେ ଆଞ୍ଚଳିକ ଦଳମାନଙ୍କର ଏକ ଗୁରୁତ୍ୱପୂର୍ଣ୍ଣ ଭୂମିକା ରହିଆସିଛି। ବିଭିନ୍ନ ରାଜ୍ୟର ଆଶା ଆକାଂକ୍ଷାକୁ ଏହି ଦଳମାନେ ପ୍ରତିନିଧିତ୍ୱ କରନ୍ତି। କିନ୍ତୁ ସାମ୍ପ୍ରତିକ ନିର୍ବାଚନ ଫଳାଫଳ ଦେଖିଲେ ଜଣାପଡ଼ୁଛି ଯେ ଜାତୀୟ ଦଳମାନଙ୍କ ଦ୍ରୁତ ବିସ୍ତାର ଯୋଗୁଁ ଆଞ୍ଚଳିକ ଦଳମାନଙ୍କ ସ୍ଥିତି ଦୁର୍ବଳ ହେବାରେ ଲାଗିଛି। ଅନେକ ରାଜ୍ୟରେ ଦୀର୍ଘ ଦିନ ଧରି କ୍ଷମତାରେ ଥିବା ଆଞ୍ଚଳିକ ଦଳ ପରାଜୟର ସମ୍ମୁଖୀନ ହୋଇଛନ୍ତି। ନେତୃତ୍ୱ ସଙ୍କଟ, ପାରିବାରିକ ରାଜନୀତି ଏବଂ ସଂଗଠନର ଦୁର୍ବଳତା ଏହାର ମୁଖ୍ୟ କାରଣ। ଯୁବପିଢ଼ିଙ୍କୁ ଆକର୍ଷିତ କରିବାରେ ଏହି ଦଳମାନେ ବିଫଳ ହେଉଛନ୍ତି। ସଂଘୀୟ ବ୍ୟବସ୍ଥାକୁ ସୁଦୃଢ଼ ରଖିବା ପାଇଁ ଆଞ୍ଚଳିକ ଦଳମାନଙ୍କର ସକ୍ରିୟ ଉପସ୍ଥିତି ଆବଶ୍ୟକ। ଜନତାଙ୍କ ସହ ସିଧା ସମ୍ପର୍କ ରଖି ସ୍ଥାନୀୟ ସମସ୍ୟା ସମାଧାନରେ ଅ
ଭାରତୀୟ ଗଣତନ୍ତ୍ରରେ ଆଞ୍ଚଳିକ ଦଳମାନଙ୍କର ଏକ ଗୁରୁତ୍ୱପୂର୍ଣ୍ଣ ଭୂମିକା ରହିଆସିଛି। ବିଭିନ୍ନ ରାଜ୍ୟର ଆଶା ଆକାଂକ୍ଷାକୁ ଏହି ଦଳମାନେ ପ୍ରତିନିଧିତ୍ୱ କରନ୍ତି। କିନ୍ତୁ ସାମ୍ପ୍ରତିକ ନିର୍ବାଚନ ଫଳାଫଳ ଦେଖିଲେ ଜଣାପଡ଼ୁଛି ଯେ ଜାତୀୟ ଦଳମାନଙ୍କ ଦ୍ରୁତ ବିସ୍ତାର ଯୋଗୁଁ ଆଞ୍ଚଳିକ ଦଳମାନଙ୍କ ସ୍ଥିତି ଦୁର୍ବଳ ହେବାରେ ଲାଗିଛି। ଅନେକ ରାଜ୍ୟରେ ଦୀର୍ଘ ଦିନ ଧରି କ୍ଷମତାରେ ଥିବା ଆଞ୍ଚଳିକ ଦଳ ପରାଜୟର ସମ୍ମୁଖୀନ ହୋଇଛନ୍ତି। ନେତୃତ୍ୱ ସଙ୍କଟ, ପାରିବାରିକ ରାଜନୀତି ଏବଂ ସଂଗଠନର ଦୁର୍ବଳତା ଏହାର ମୁଖ୍ୟ କାରଣ। ଯୁବପିଢ଼ିଙ୍କୁ ଆକର୍ଷିତ କରିବାରେ ଏହି ଦଳମାନେ ବିଫଳ ହେଉଛନ୍ତି। ସଂଘୀୟ ବ୍ୟବସ୍ଥାକୁ ସୁଦୃଢ଼ ରଖିବା ପାଇଁ ଆଞ୍ଚଳିକ ଦଳମାନଙ୍କର ସକ୍ରିୟ ଉପସ୍ଥିତି ଆବଶ୍ୟକ। ଜନତାଙ୍କ ସହ ସିଧା ସମ୍ପର୍କ ରଖି ସ୍ଥାନୀୟ ସମସ୍ୟା ସମାଧାନରେ ଅଗ୍ରଣୀ ଭୂମିକା ନେଲେ ସେମାନେ ପୁଣି ଜନସମର୍ଥନ ହାସଲ କରିପାରିବେ।
ଭାରତୀୟ ଗଣତନ୍ତ୍ରରେ ଆଞ୍ଚଳିକ ଦଳମାନଙ୍କର ଏକ ଗୁରୁତ୍ୱପୂର୍ଣ୍ଣ ଭୂମିକା ରହିଆସିଛି। ବିଭିନ୍ନ ରାଜ୍ୟର ଆଶା ଆକାଂକ୍ଷାକୁ ଏହି ଦଳମାନେ ପ୍ରତିନିଧିତ୍ୱ କରନ୍ତି। କିନ୍ତୁ ସାମ୍ପ୍ରତିକ ନିର୍ବାଚନ ଫଳାଫଳ ଦେଖିଲେ ଜଣାପଡ଼ୁଛି ଯେ ଜାତୀୟ ଦଳମାନଙ୍କ ଦ୍ରୁତ ବିସ୍ତାର ଯୋଗୁଁ ଆଞ୍ଚଳିକ ଦଳମାନଙ୍କ ସ୍ଥିତି ଦୁର୍ବଳ ହେବାରେ ଲାଗିଛି। ଅନେକ ରାଜ୍ୟରେ ଦୀର୍ଘ ଦିନ ଧରି କ୍ଷମତାରେ ଥିବା ଆଞ୍ଚଳିକ ଦଳ ପରାଜୟର ସମ୍ମୁଖୀନ ହୋଇଛନ୍ତି। ନେତୃତ୍ୱ ସଙ୍କଟ, ପାରିବାରିକ ରାଜନୀତି ଏବଂ ସଂଗଠନର ଦୁର୍ବଳତା ଏହାର ମୁଖ୍ୟ କାରଣ। ଯୁବପିଢ଼ିଙ୍କୁ ଆକର୍ଷିତ କରିବାରେ ଏହି ଦଳମାନେ ବିଫଳ ହେଉଛନ୍ତି। ସଂଘୀୟ ବ୍ୟବସ୍ଥାକୁ ସୁଦୃଢ଼ ରଖିବା ପାଇଁ ଆଞ୍ଚଳିକ ଦଳମାନଙ୍କର ସକ୍ରିୟ ଉପସ୍ଥିତି ଆବଶ୍ୟକ। ଜନତାଙ୍କ ସହ ସିଧା ସମ୍ପର୍କ ରଖି ସ୍ଥାନୀୟ ସମସ୍ୟା ସମାଧାନରେ ଅଗ୍ରଣୀ ଭୂମିକା ନେଲେ ସେମାନେ ପୁଣି ଜନସମର୍ଥନ ହାସଲ କରିପାରିବେ।
ଶାନ୍ତିନଗର, ଭୁବନେଶ୍ୱର
